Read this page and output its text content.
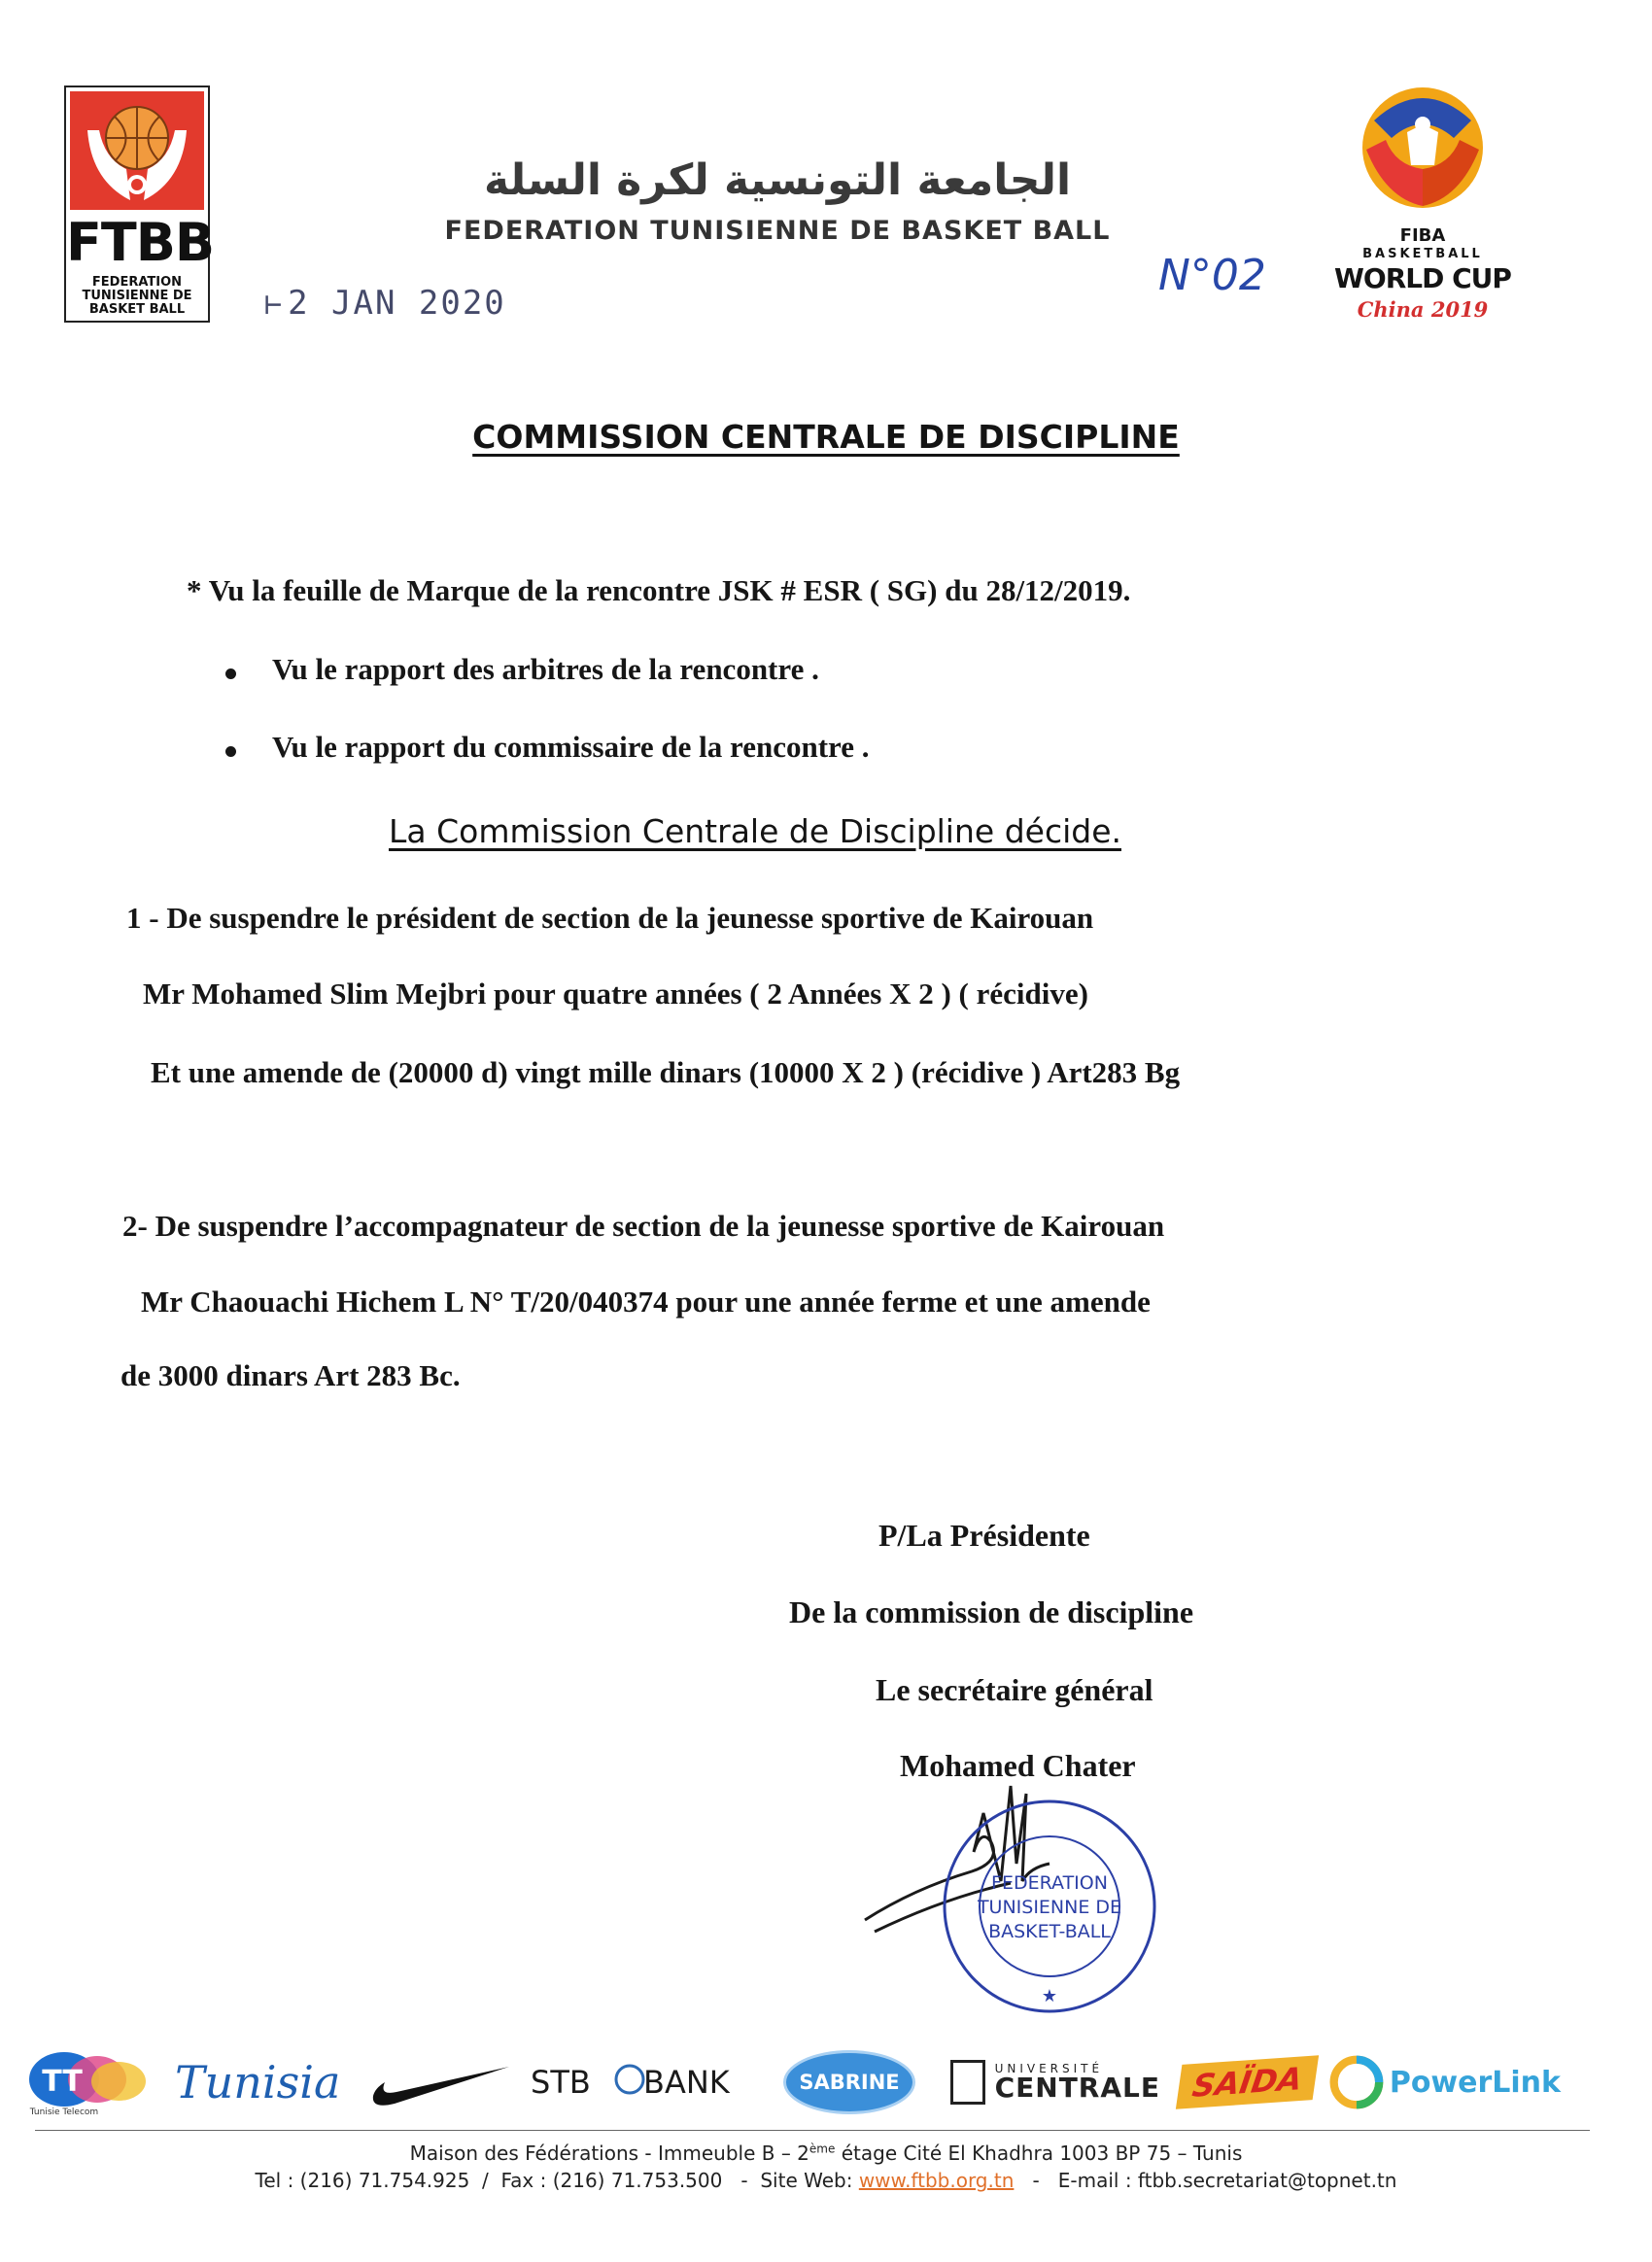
FTBB
FEDERATION
TUNISIENNE DE
BASKET BALL
الجامعة التونسية لكرة السلة
FEDERATION TUNISIENNE DE BASKET BALL
⊢ 2 JAN 2020
N°02
FIBA
BASKETBALL
WORLD CUP
China 2019
COMMISSION CENTRALE DE DISCIPLINE
* Vu la feuille de Marque de la rencontre JSK # ESR ( SG) du 28/12/2019.
Vu le rapport des arbitres de la rencontre .
Vu le rapport du commissaire de la rencontre .
La Commission Centrale de Discipline décide.
1 - De suspendre le président de section de la jeunesse sportive de Kairouan
Mr Mohamed Slim Mejbri pour quatre années ( 2 Années X 2 ) ( récidive)
Et une amende de (20000 d) vingt mille dinars (10000 X 2 ) (récidive ) Art283 Bg
2- De suspendre l’accompagnateur de section de la jeunesse sportive de Kairouan
Mr Chaouachi Hichem L N° T/20/040374 pour une année ferme et une amende
de 3000 dinars Art 283 Bc.
P/La Présidente
De la commission de discipline
Le secrétaire général
Mohamed Chater
FEDERATION
TUNISIENNE DE
BASKET-BALL
★
TT
Tunisie Telecom
Tunisia	STB BANK	SABRINE
UNIVERSITÉ
CENTRALE SAÏDA	PowerLink
Maison des Fédérations - Immeuble B – 2ème étage Cité El Khadhra 1003 BP 75 – Tunis
Tel : (216) 71.754.925  /  Fax : (216) 71.753.500   -  Site Web: www.ftbb.org.tn   -   E-mail : ftbb.secretariat@topnet.tn
